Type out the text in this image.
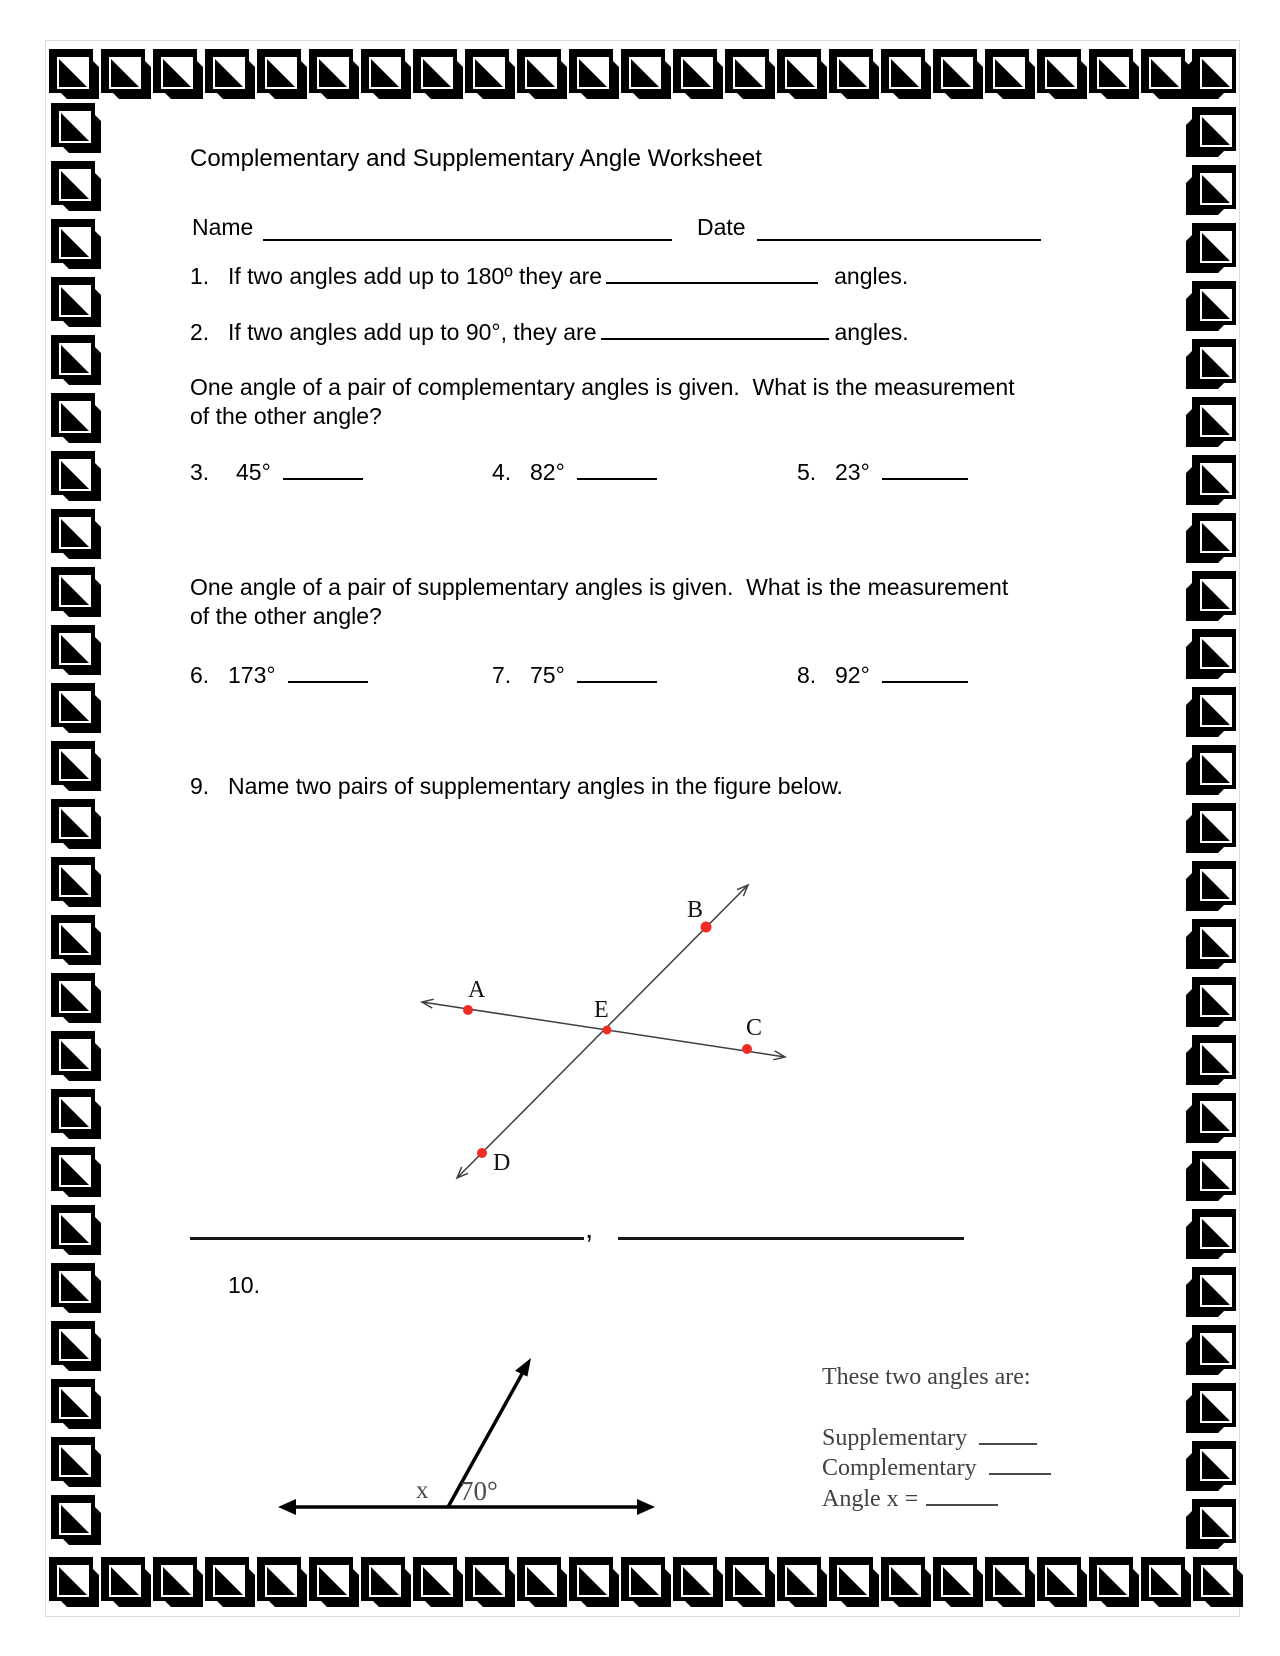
Complementary and Supplementary Angle Worksheet
Name	Date
1. If two angles add up to 180º they are	angles.
2. If two angles add up to 90°, they are	angles.
One angle of a pair of complementary angles is given.  What is the measurement
of the other angle?
3. 45°	4. 82°	5. 23°
One angle of a pair of supplementary angles is given.  What is the measurement
of the other angle?
6. 173°	7. 75°	8. 92°
9. Name two pairs of supplementary angles in the figure below.
A
B
E
C
D
,
10.
x 70°
These two angles are:
Supplementary
Complementary
Angle x =
